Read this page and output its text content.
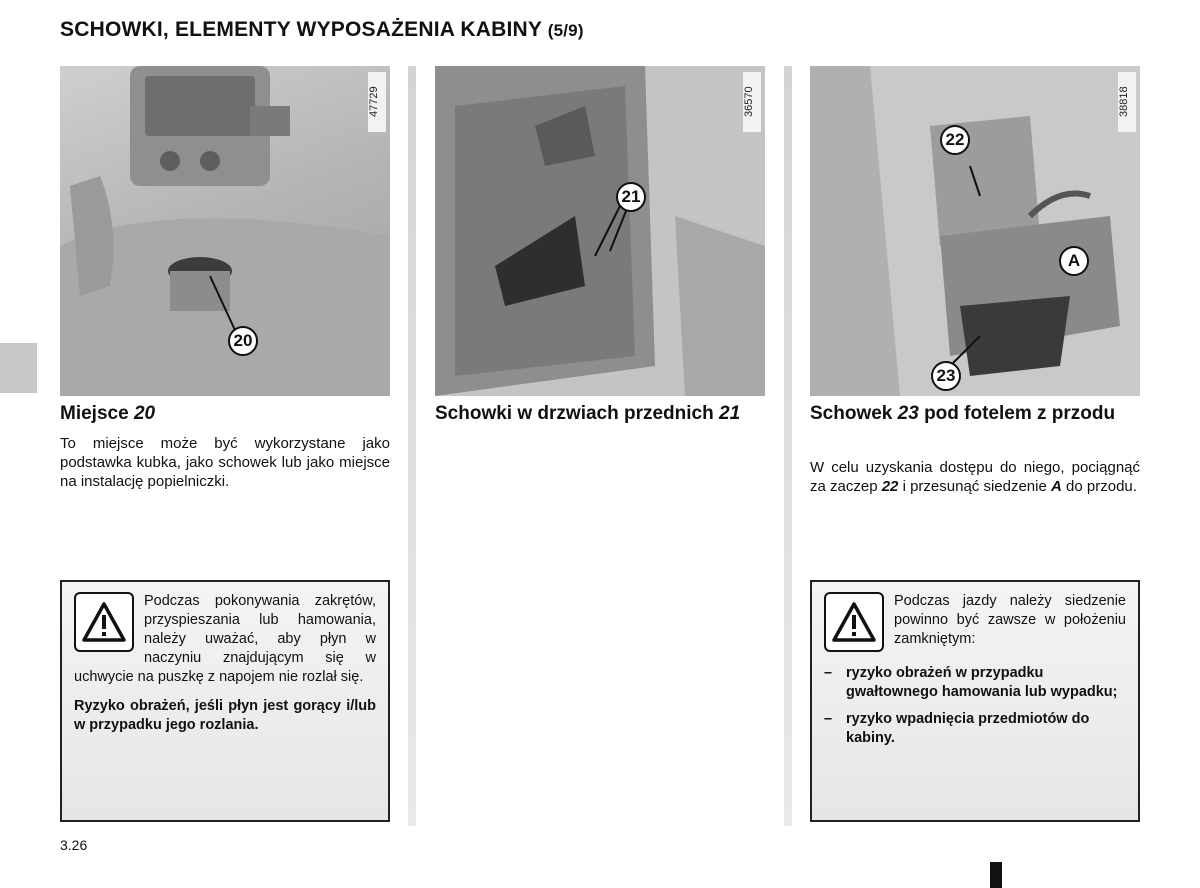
SCHOWKI, ELEMENTY WYPOSAŻENIA KABINY (5/9)
47729
20
Miejsce 20
To miejsce może być wykorzystane jako podstawka kubka, jako schowek lub jako miejsce na instalację popielniczki.

Podczas pokonywania zakrętów, przyspieszania lub hamowania, należy uważać, aby płyn w naczyniu znajdującym się w uchwycie na puszkę z napojem nie rozlał się.

Ryzyko obrażeń, jeśli płyn jest gorący i/lub w przypadku jego rozlania.

36570
21
Schowki w drzwiach przednich 21
38818
22
A
23
Schowek 23 pod fotelem z przodu
W celu uzyskania dostępu do niego, pociągnąć za zaczep 22 i przesunąć siedzenie A do przodu.

Podczas jazdy należy siedzenie powinno być zawsze w położeniu zamkniętym:

– ryzyko obrażeń w przypadku gwałtownego hamowania lub wypadku;
– ryzyko wpadnięcia przedmiotów do kabiny.
3.26
